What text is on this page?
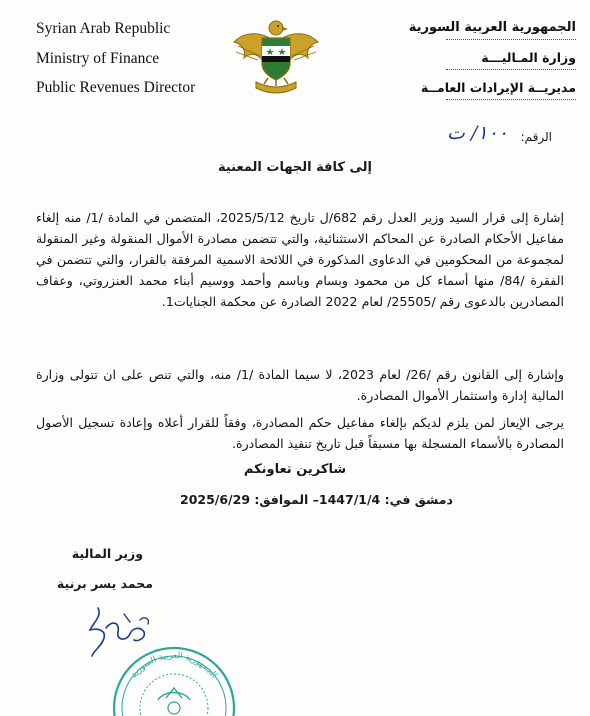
Syrian Arab Republic
Ministry of Finance
Public Revenues Director
الجمهورية العربية السورية
وزارة المـاليـــة
مديريــة الإيرادات العامــة
الرقم:
١٠٠/ ت
إلى كافة الجهات المعنية
إشارة إلى قرار السيد وزير العدل رقم 682/ل تاريخ 2025/5/12، المتضمن في المادة /1/ منه إلغاء مفاعيل الأحكام الصادرة عن المحاكم الاستثنائية، والتي تتضمن مصادرة الأموال المنقولة وغير المنقولة لمجموعة من المحكومين في الدعاوى المذكورة في اللائحة الاسمية المرفقة بالقرار، والتي تتضمن في الفقرة /84/ منها أسماء كل من محمود وبسام وياسم وأحمد ووسيم أبناء محمد العنزروتي، وعفاف المصادرين بالدعوى رقم /25505/ لعام 2022 الصادرة عن محكمة الجنايات1.
وإشارة إلى القانون رقم /26/ لعام 2023، لا سيما المادة /1/ منه، والتي تنص على ان تتولى وزارة المالية إدارة واستثمار الأموال المصادرة.
يرجى الإيعاز لمن يلزم لديكم بإلغاء مفاعيل حكم المصادرة، وفقاً للقرار أعلاه وإعادة تسجيل الأصول المصادرة بالأسماء المسجلة بها مسبقاً قبل تاريخ تنفيذ المصادرة.
شاكرين تعاونكم
دمشق في: 1447/1/4– الموافق: 2025/6/29
وزير المالية
محمد يسر برنية
الجمهورية العربية السورية
